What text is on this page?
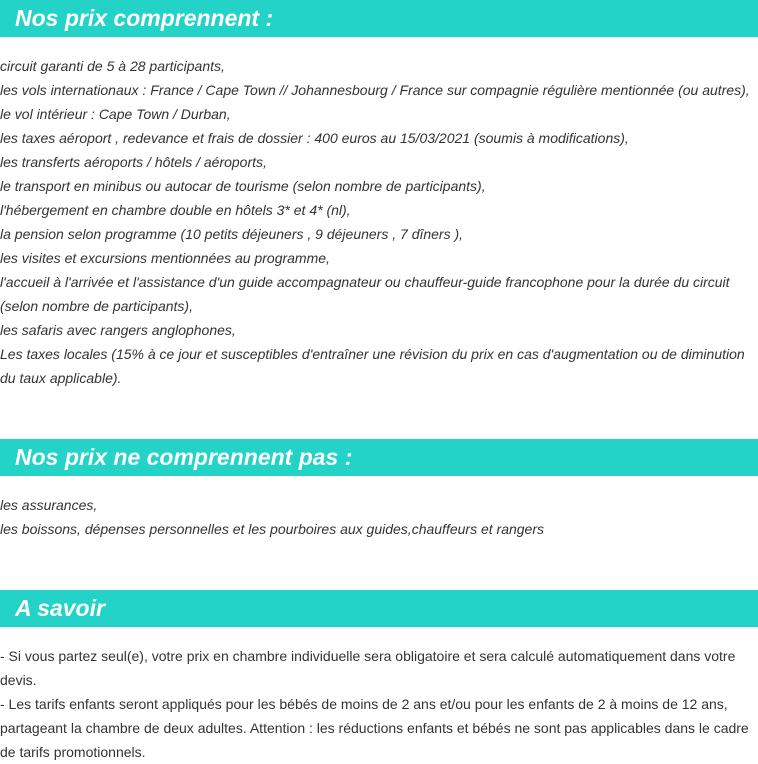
Nos prix comprennent :
circuit garanti de 5 à 28 participants,
les vols internationaux : France / Cape Town // Johannesbourg / France sur compagnie régulière mentionnée (ou autres),
le vol intérieur : Cape Town / Durban,
les taxes aéroport , redevance et frais de dossier : 400 euros au 15/03/2021 (soumis à modifications),
les transferts aéroports / hôtels / aéroports,
le transport en minibus ou autocar de tourisme (selon nombre de participants),
l'hébergement en chambre double en hôtels 3* et 4* (nl),
la pension selon programme (10 petits déjeuners , 9 déjeuners , 7 dîners ),
les visites et excursions mentionnées au programme,
l'accueil à l'arrivée et l'assistance d'un guide accompagnateur ou chauffeur-guide francophone pour la durée du circuit (selon nombre de participants),
les safaris avec rangers anglophones,
Les taxes locales (15% à ce jour et susceptibles d'entraîner une révision du prix en cas d'augmentation ou de diminution du taux applicable).
Nos prix ne comprennent pas :
les assurances,
les boissons, dépenses personnelles et les pourboires aux guides,chauffeurs et rangers
A savoir
- Si vous partez seul(e), votre prix en chambre individuelle sera obligatoire et sera calculé automatiquement dans votre devis.
- Les tarifs enfants seront appliqués pour les bébés de moins de 2 ans et/ou pour les enfants de 2 à moins de 12 ans, partageant la chambre de deux adultes. Attention : les réductions enfants et bébés ne sont pas applicables dans le cadre de tarifs promotionnels.
